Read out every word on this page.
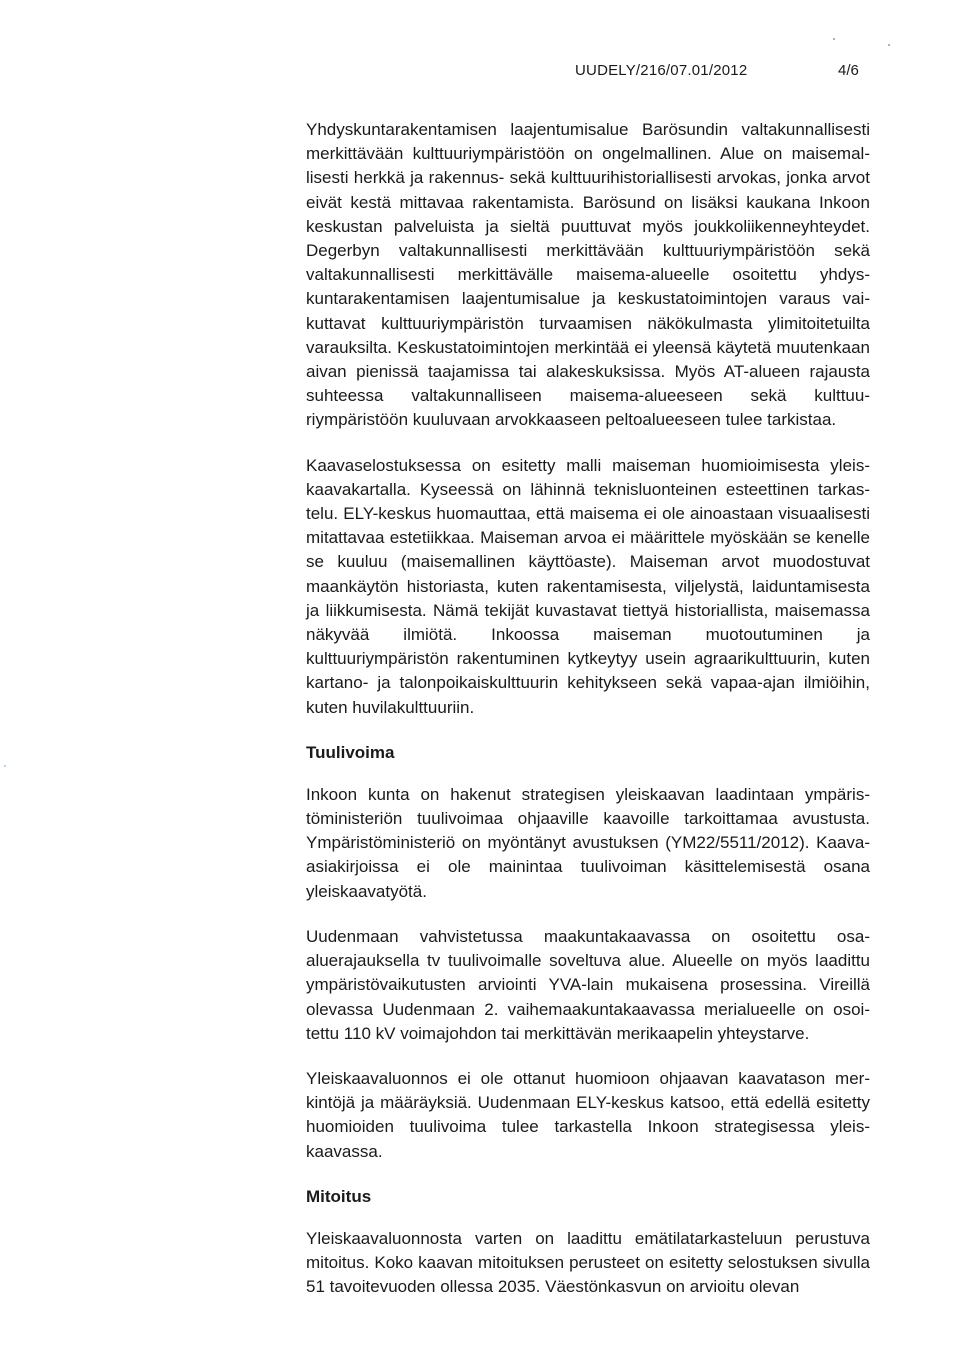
UUDELY/216/07.01/2012	4/6

Yhdyskuntarakentamisen laajentumisalue Barösundin valtakunnallisesti merkittävään kulttuuriympäristöön on ongelmallinen. Alue on maisemallisesti herkkä ja rakennus- sekä kulttuurihistoriallisesti arvokas, jonka arvot eivät kestä mittavaa rakentamista. Barösund on lisäksi kaukana Inkoon keskustan palveluista ja sieltä puuttuvat myös joukkoliikenneyhteydet. Degerbyn valtakunnallisesti merkittävään kulttuuriympäristöön sekä valtakunnallisesti merkittävälle maisema-alueelle osoitettu yhdyskuntarakentamisen laajentumisalue ja keskustatoimintojen varaus vaikuttavat kulttuuriympäristön turvaamisen näkökulmasta ylimitoitetuilta varauksilta. Keskustatoimintojen merkintää ei yleensä käytetä muutenkaan aivan pienissä taajamissa tai alakeskuksissa. Myös AT-alueen rajausta suhteessa valtakunnalliseen maisema-alueeseen sekä kulttuuriympäristöön kuuluvaan arvokkaaseen peltoalueeseen tulee tarkistaa.

Kaavaselostuksessa on esitetty malli maiseman huomioimisesta yleiskaavakartalla. Kyseessä on lähinnä teknisluonteinen esteettinen tarkastelu. ELY-keskus huomauttaa, että maisema ei ole ainoastaan visuaalisesti mitattavaa estetiikkaa. Maiseman arvoa ei määrittele myöskään se kenelle se kuuluu (maisemallinen käyttöaste). Maiseman arvot muodostuvat maankäytön historiasta, kuten rakentamisesta, viljelystä, laiduntamisesta ja liikkumisesta. Nämä tekijät kuvastavat tiettyä historiallista, maisemassa näkyvää ilmiötä. Inkoossa maiseman muotoutuminen ja kulttuuriympäristön rakentuminen kytkeytyy usein agraarikulttuurin, kuten kartano- ja talonpoikaiskulttuurin kehitykseen sekä vapaa-ajan ilmiöihin, kuten huvilakulttuuriin.

Tuulivoima

Inkoon kunta on hakenut strategisen yleiskaavan laadintaan ympäristöministeriön tuulivoimaa ohjaaville kaavoille tarkoittamaa avustusta. Ympäristöministeriö on myöntänyt avustuksen (YM22/5511/2012). Kaava-asiakirjoissa ei ole mainintaa tuulivoiman käsittelemisestä osana yleiskaavatyötä.

Uudenmaan vahvistetussa maakuntakaavassa on osoitettu osaaluerajauksella tv tuulivoimalle soveltuva alue. Alueelle on myös laadittu ympäristövaikutusten arviointi YVA-lain mukaisena prosessina. Vireillä olevassa Uudenmaan 2. vaihemaakuntakaavassa merialueelle on osoitettu 110 kV voimajohdon tai merkittävän merikaapelin yhteystarve.

Yleiskaavaluonnos ei ole ottanut huomioon ohjaavan kaavatason merkintöjä ja määräyksiä. Uudenmaan ELY-keskus katsoo, että edellä esitetty huomioiden tuulivoima tulee tarkastella Inkoon strategisessa yleiskaavassa.

Mitoitus

Yleiskaavaluonnosta varten on laadittu emätilatarkasteluun perustuva mitoitus. Koko kaavan mitoituksen perusteet on esitetty selostuksen sivulla 51 tavoitevuoden ollessa 2035. Väestönkasvun on arvioitu olevan
